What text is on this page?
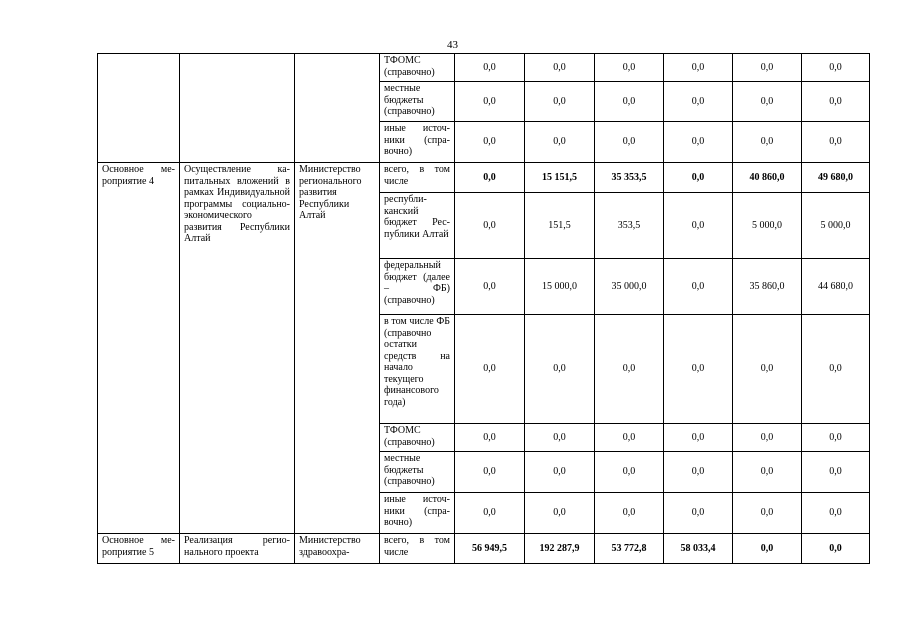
43
			ТФОМС (справочно)	0,0	0,0	0,0	0,0	0,0	0,0
			местные бюджеты (справочно)	0,0	0,0	0,0	0,0	0,0	0,0
			иные источники (справочно)	0,0	0,0	0,0	0,0	0,0	0,0
Основное мероприятие 4	Осуществление капитальных вложений в рамках Индивидуальной программы социально-экономического развития Республики Алтай	Министерство регионального развития Республики Алтай	всего, в том числе	0,0	15 151,5	35 353,5	0,0	40 860,0	49 680,0
			республиканский бюджет Республики Алтай	0,0	151,5	353,5	0,0	5 000,0	5 000,0
			федеральный бюджет (далее – ФБ) (справочно)	0,0	15 000,0	35 000,0	0,0	35 860,0	44 680,0
			в том числе ФБ (справочно остатки средств на начало текущего финансового года)	0,0	0,0	0,0	0,0	0,0	0,0
			ТФОМС (справочно)	0,0	0,0	0,0	0,0	0,0	0,0
			местные бюджеты (справочно)	0,0	0,0	0,0	0,0	0,0	0,0
			иные источники (справочно)	0,0	0,0	0,0	0,0	0,0	0,0
Основное мероприятие 5	Реализация регионального проекта	Министерство здравоохра-	всего, в том числе	56 949,5	192 287,9	53 772,8	58 033,4	0,0	0,0
